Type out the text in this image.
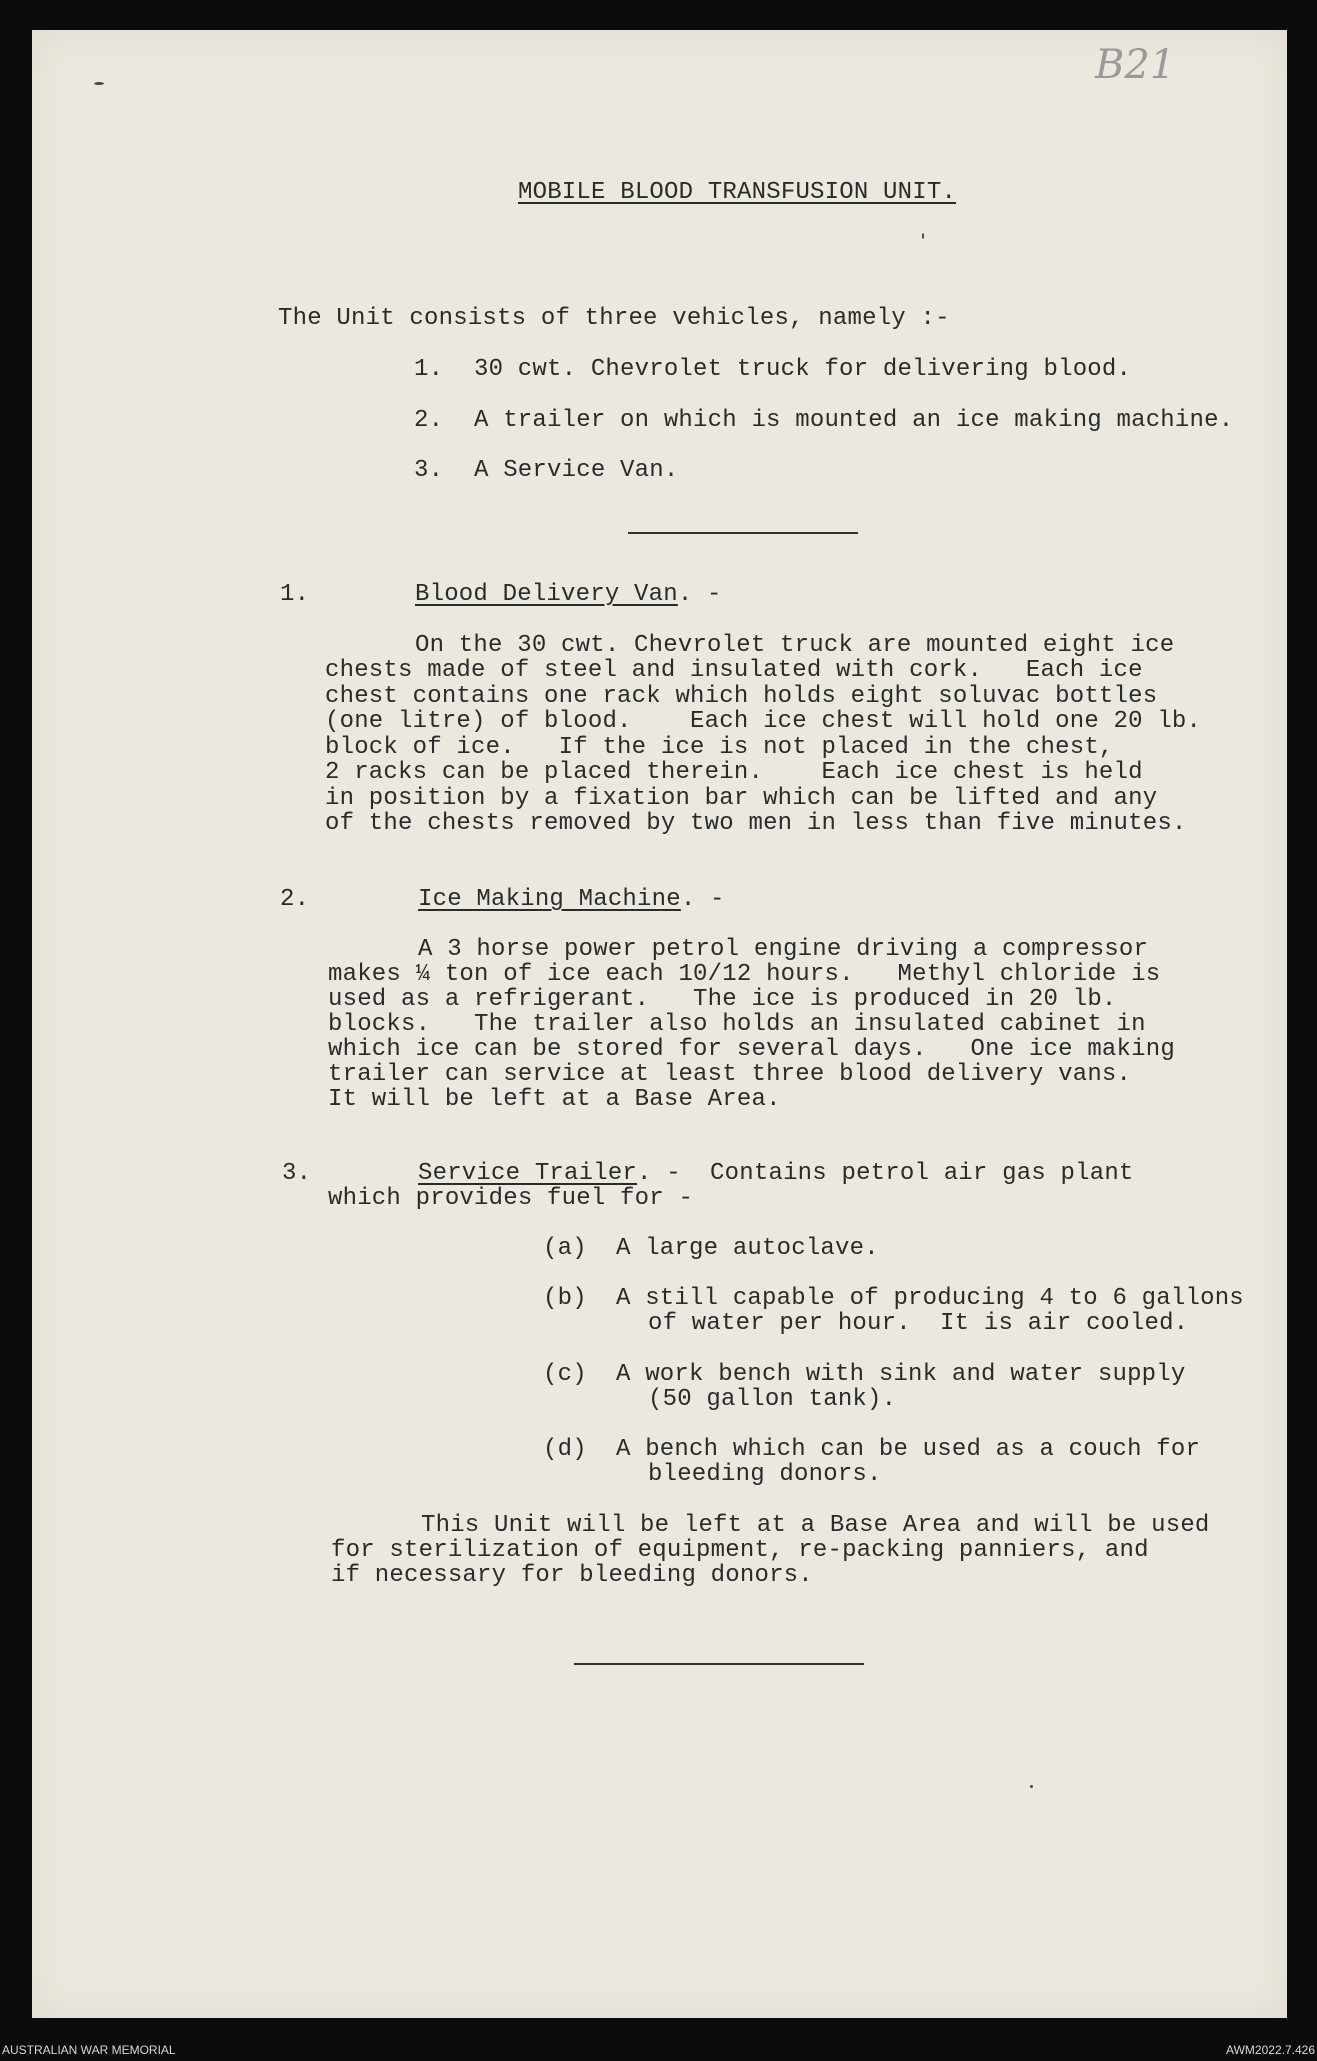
B21
MOBILE BLOOD TRANSFUSION UNIT.
The Unit consists of three vehicles, namely :-
1. 30 cwt. Chevrolet truck for delivering blood.
2. A trailer on which is mounted an ice making machine.
3. A Service Van.
1.	Blood Delivery Van. -
On the 30 cwt. Chevrolet truck are mounted eight ice
chests made of steel and insulated with cork.   Each ice
chest contains one rack which holds eight soluvac bottles
(one litre) of blood.    Each ice chest will hold one 20 lb.
block of ice.   If the ice is not placed in the chest,
2 racks can be placed therein.    Each ice chest is held
in position by a fixation bar which can be lifted and any
of the chests removed by two men in less than five minutes.
2.	Ice Making Machine. -
A 3 horse power petrol engine driving a compressor
makes ¼ ton of ice each 10/12 hours.   Methyl chloride is
used as a refrigerant.   The ice is produced in 20 lb.
blocks.   The trailer also holds an insulated cabinet in
which ice can be stored for several days.   One ice making
trailer can service at least three blood delivery vans.
It will be left at a Base Area.
3.	Service Trailer. -  Contains petrol air gas plant
which provides fuel for -
(a) A large autoclave.
(b) A still capable of producing 4 to 6 gallons
of water per hour.  It is air cooled.
(c) A work bench with sink and water supply
(50 gallon tank).
(d) A bench which can be used as a couch for
bleeding donors.
This Unit will be left at a Base Area and will be used
for sterilization of equipment, re-packing panniers, and
if necessary for bleeding donors.
AUSTRALIAN WAR MEMORIAL	AWM2022.7.426
